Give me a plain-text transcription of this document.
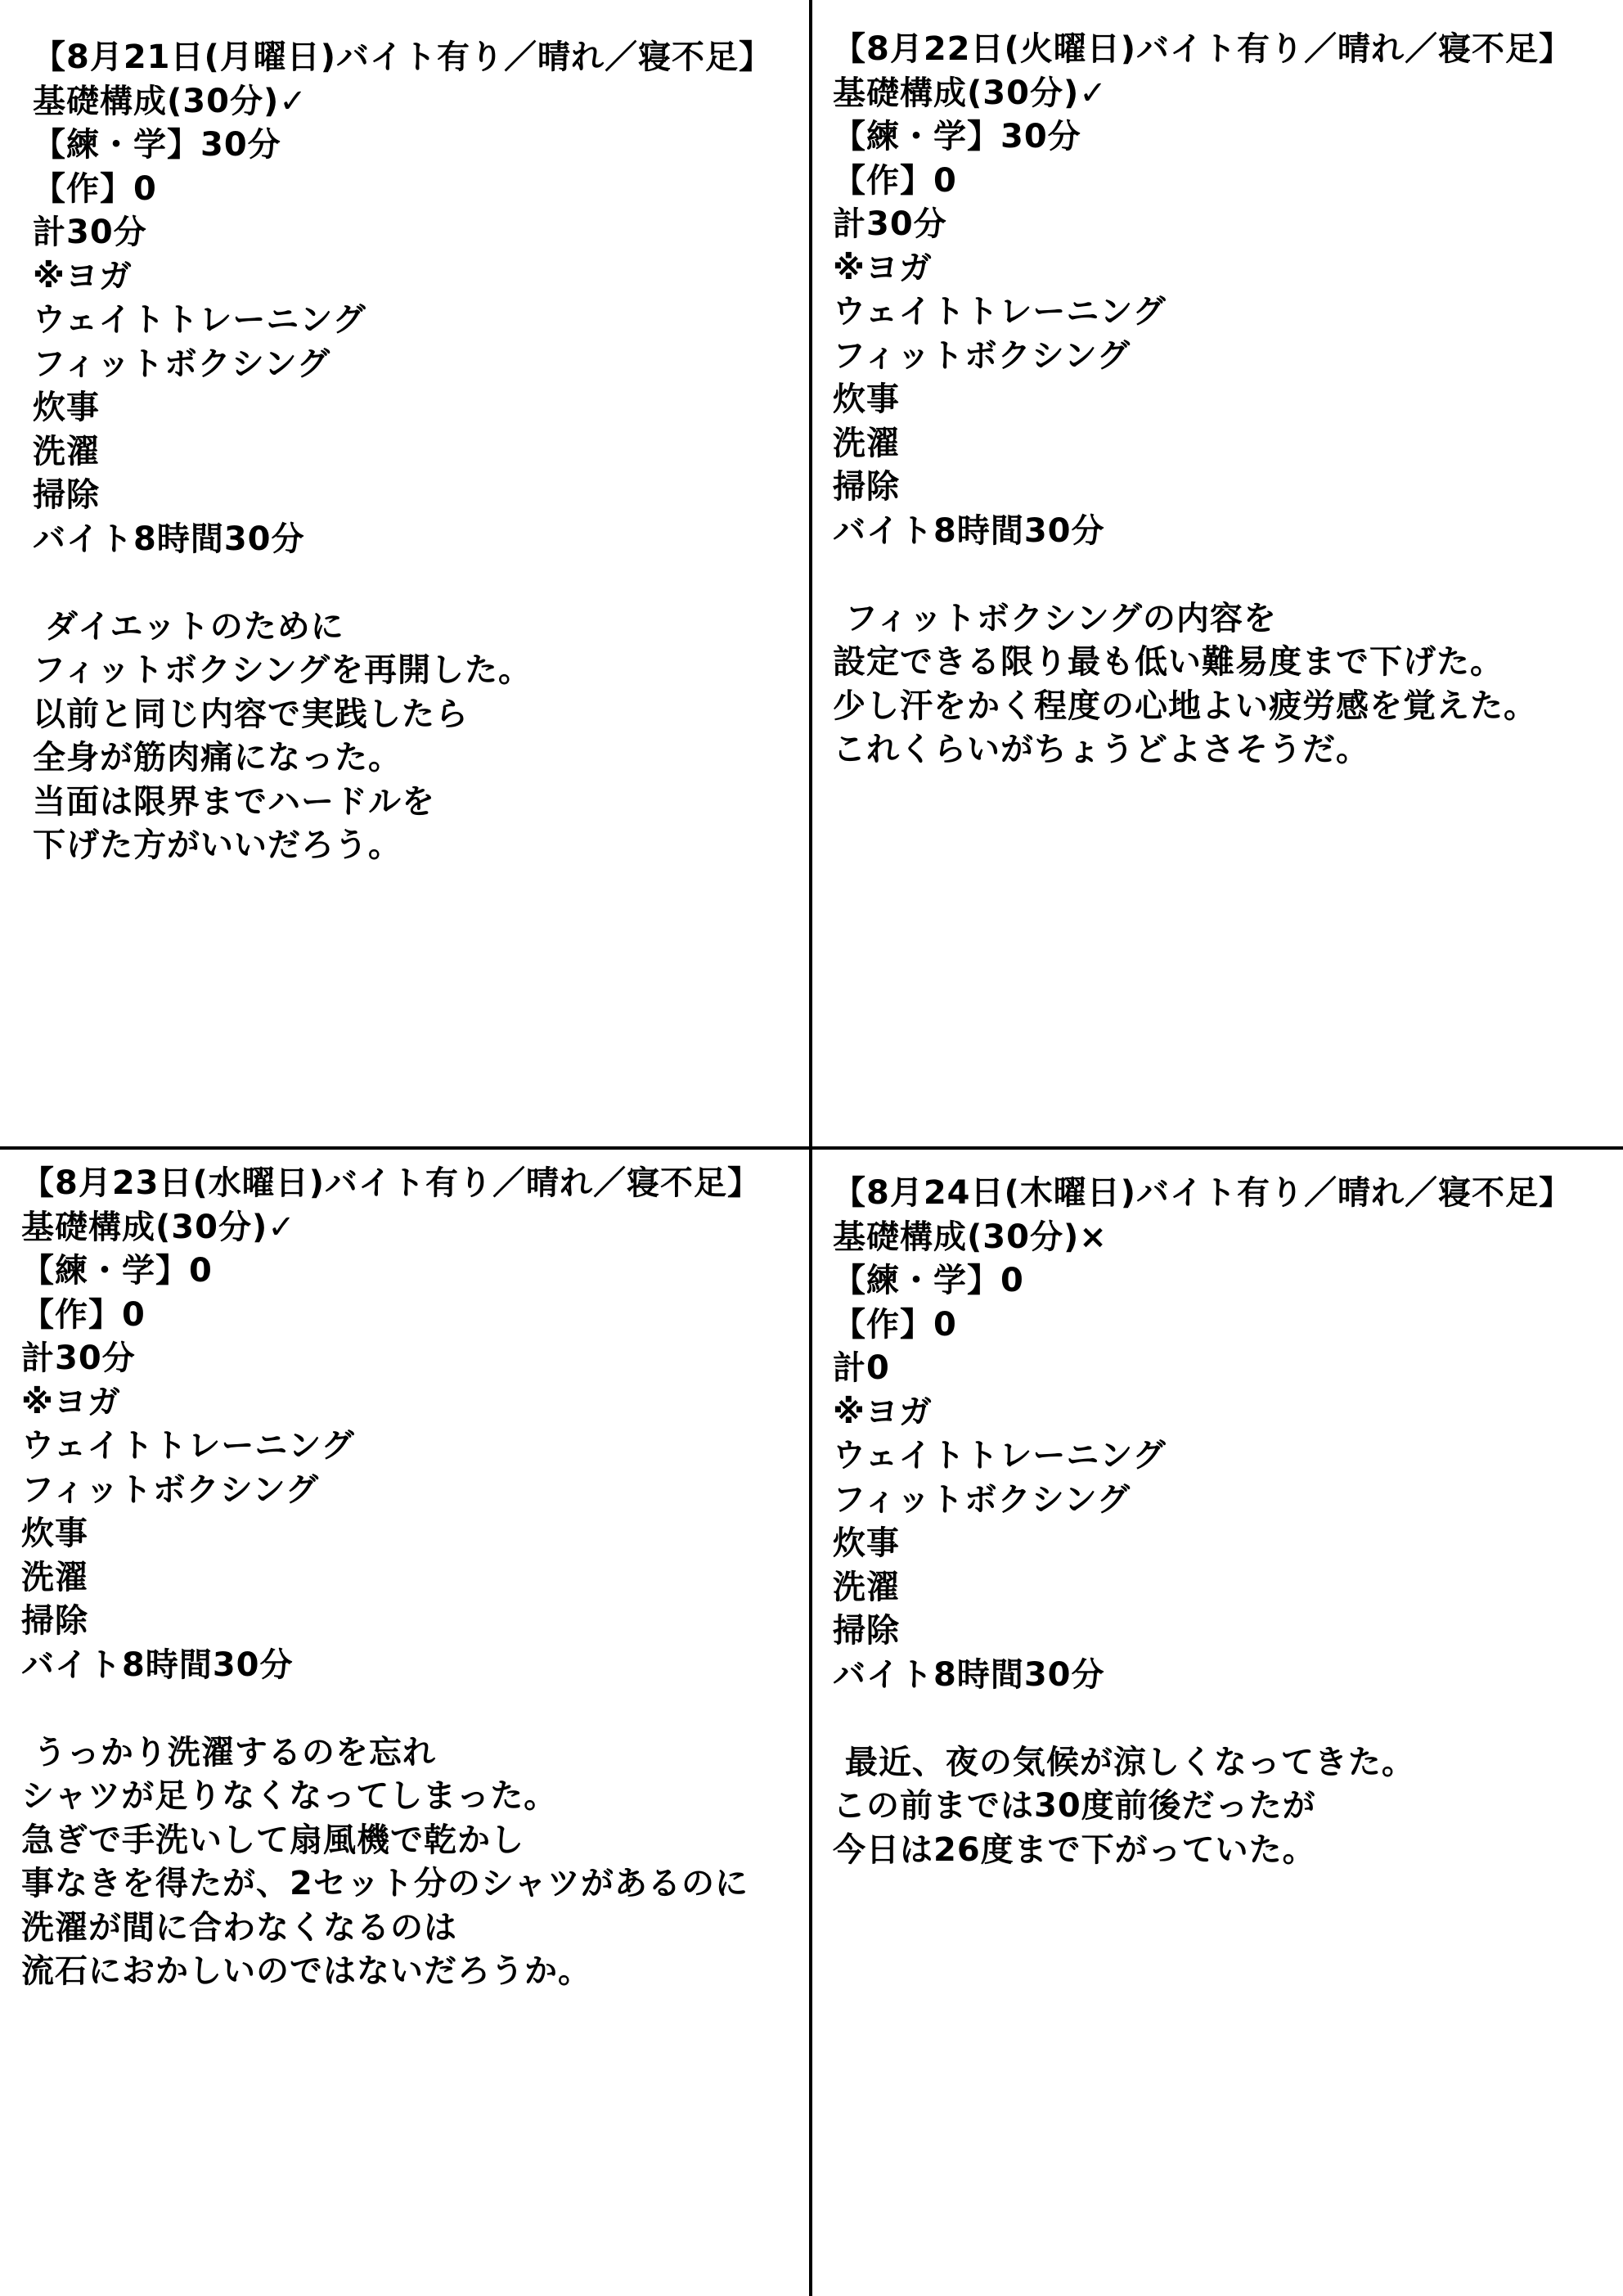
【8月21日(月曜日)バイト有り／晴れ／寝不足】
基礎構成(30分)✓
【練・学】30分
【作】0
計30分
※ヨガ
ウェイトトレーニング
フィットボクシング
炊事
洗濯
掃除
バイト8時間30分
ダイエットのために
フィットボクシングを再開した。
以前と同じ内容で実践したら
全身が筋肉痛になった。
当面は限界までハードルを
下げた方がいいだろう。
【8月22日(火曜日)バイト有り／晴れ／寝不足】
基礎構成(30分)✓
【練・学】30分
【作】0
計30分
※ヨガ
ウェイトトレーニング
フィットボクシング
炊事
洗濯
掃除
バイト8時間30分
フィットボクシングの内容を
設定できる限り最も低い難易度まで下げた。
少し汗をかく程度の心地よい疲労感を覚えた。
これくらいがちょうどよさそうだ。
【8月23日(水曜日)バイト有り／晴れ／寝不足】
基礎構成(30分)✓
【練・学】0
【作】0
計30分
※ヨガ
ウェイトトレーニング
フィットボクシング
炊事
洗濯
掃除
バイト8時間30分
うっかり洗濯するのを忘れ
シャツが足りなくなってしまった。
急ぎで手洗いして扇風機で乾かし
事なきを得たが、2セット分のシャツがあるのに
洗濯が間に合わなくなるのは
流石におかしいのではないだろうか。
【8月24日(木曜日)バイト有り／晴れ／寝不足】
基礎構成(30分)×
【練・学】0
【作】0
計0
※ヨガ
ウェイトトレーニング
フィットボクシング
炊事
洗濯
掃除
バイト8時間30分
最近、夜の気候が涼しくなってきた。
この前までは30度前後だったが
今日は26度まで下がっていた。
